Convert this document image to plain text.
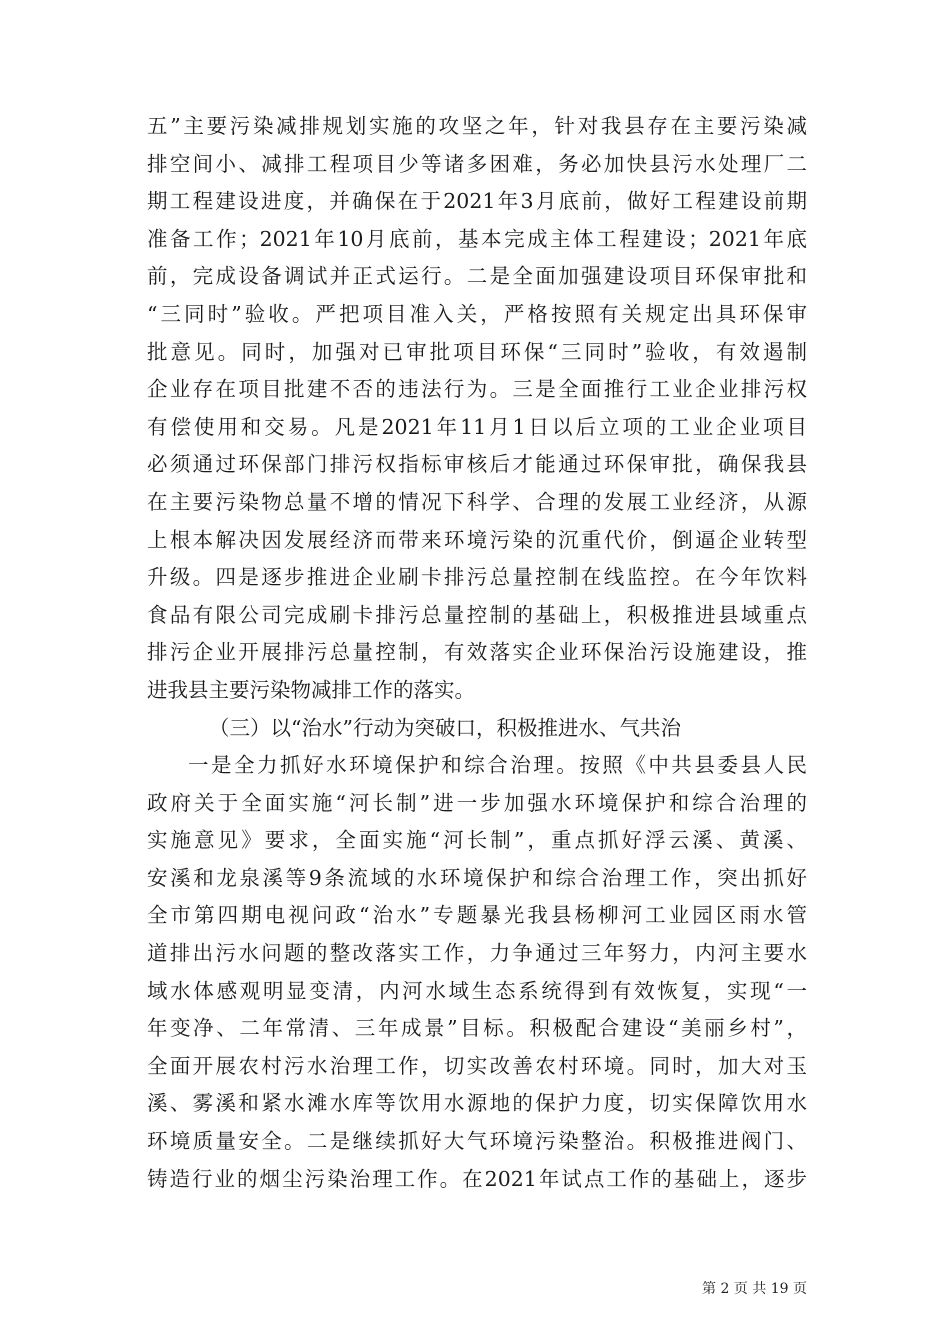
五”主要污染减排规划实施的攻坚之年，针对我县存在主要污染减
排空间小、减排工程项目少等诸多困难，务必加快县污水处理厂二
期工程建设进度，并确保在于2021年3月底前，做好工程建设前期
准备工作；2021年10月底前，基本完成主体工程建设；2021年底
前，完成设备调试并正式运行。二是全面加强建设项目环保审批和
“三同时”验收。严把项目准入关，严格按照有关规定出具环保审
批意见。同时，加强对已审批项目环保“三同时”验收，有效遏制
企业存在项目批建不否的违法行为。三是全面推行工业企业排污权
有偿使用和交易。凡是2021年11月1日以后立项的工业企业项目
必须通过环保部门排污权指标审核后才能通过环保审批，确保我县
在主要污染物总量不增的情况下科学、合理的发展工业经济，从源
上根本解决因发展经济而带来环境污染的沉重代价，倒逼企业转型
升级。四是逐步推进企业刷卡排污总量控制在线监控。在今年饮料
食品有限公司完成刷卡排污总量控制的基础上，积极推进县域重点
排污企业开展排污总量控制，有效落实企业环保治污设施建设，推
进我县主要污染物减排工作的落实。
（三）以“治水”行动为突破口，积极推进水、气共治
一是全力抓好水环境保护和综合治理。按照《中共县委县人民
政府关于全面实施“河长制”进一步加强水环境保护和综合治理的
实施意见》要求，全面实施“河长制”，重点抓好浮云溪、黄溪、
安溪和龙泉溪等9条流域的水环境保护和综合治理工作，突出抓好
全市第四期电视问政“治水”专题暴光我县杨柳河工业园区雨水管
道排出污水问题的整改落实工作，力争通过三年努力，内河主要水
域水体感观明显变清，内河水域生态系统得到有效恢复，实现“一
年变净、二年常清、三年成景”目标。积极配合建设“美丽乡村”，
全面开展农村污水治理工作，切实改善农村环境。同时，加大对玉
溪、雾溪和紧水滩水库等饮用水源地的保护力度，切实保障饮用水
环境质量安全。二是继续抓好大气环境污染整治。积极推进阀门、
铸造行业的烟尘污染治理工作。在2021年试点工作的基础上，逐步
第 2 页 共 19 页
